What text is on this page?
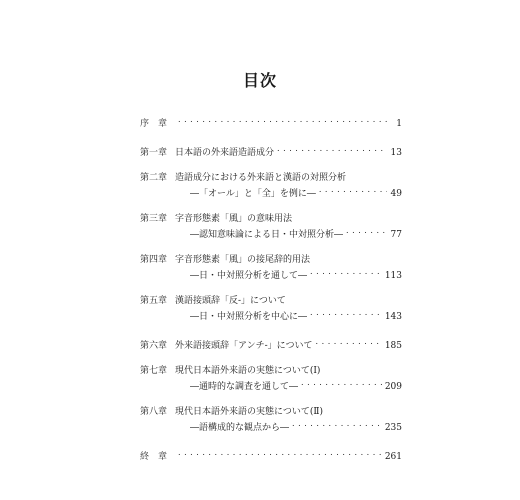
目次
序　章 . . .	1
第一章 日本語の外来語造語成分 . . .	13
第二章 造語成分における外来語と漢語の対照分析
―「オール」と「全」を例に― . . .	49
第三章 字音形態素「風」の意味用法
―認知意味論による日・中対照分析― . . .	77
第四章 字音形態素「風」の接尾辞的用法
―日・中対照分析を通して― . . .	113
第五章 漢語接頭辞「反-」について
―日・中対照分析を中心に― . . .	143
第六章 外来語接頭辞「アンチ-」について . . .	185
第七章 現代日本語外来語の実態について(Ⅰ)
―通時的な調査を通して― . . .	209
第八章 現代日本語外来語の実態について(Ⅱ)
―語構成的な観点から― . . .	235
終　章 . . .	261
